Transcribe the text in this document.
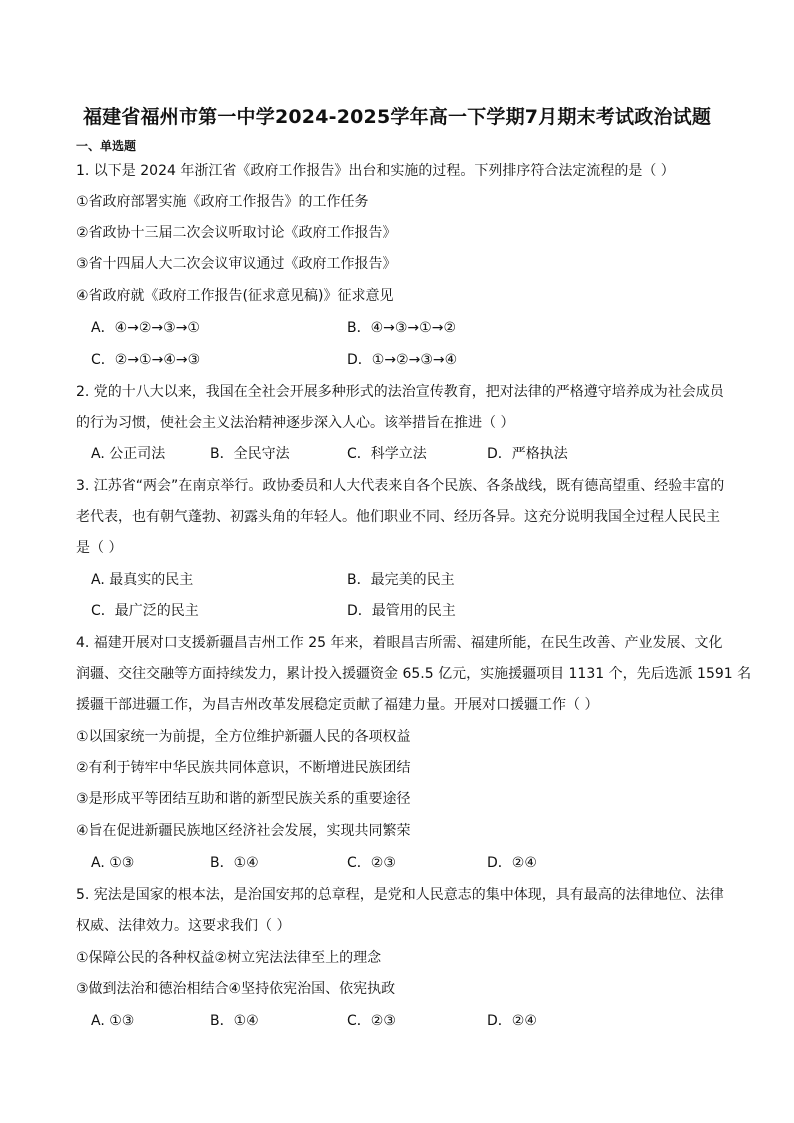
福建省福州市第一中学2024-2025学年高一下学期7月期末考试政治试题
一、单选题
1. 以下是 2024 年浙江省《政府工作报告》出台和实施的过程。下列排序符合法定流程的是（ ）
①省政府部署实施《政府工作报告》的工作任务
②省政协十三届二次会议听取讨论《政府工作报告》
③省十四届人大二次会议审议通过《政府工作报告》
④省政府就《政府工作报告(征求意见稿)》征求意见
A．④→②→③→①	B．④→③→①→②
C．②→①→④→③	D．①→②→③→④
2. 党的十八大以来，我国在全社会开展多种形式的法治宣传教育，把对法律的严格遵守培养成为社会成员
的行为习惯，使社会主义法治精神逐步深入人心。该举措旨在推进（ ）
A. 公正司法	B．全民守法	C．科学立法	D．严格执法
3. 江苏省“两会”在南京举行。政协委员和人大代表来自各个民族、各条战线，既有德高望重、经验丰富的
老代表，也有朝气蓬勃、初露头角的年轻人。他们职业不同、经历各异。这充分说明我国全过程人民民主
是（ ）
A. 最真实的民主	B．最完美的民主
C．最广泛的民主	D．最管用的民主
4. 福建开展对口支援新疆昌吉州工作 25 年来，着眼昌吉所需、福建所能，在民生改善、产业发展、文化
润疆、交往交融等方面持续发力，累计投入援疆资金 65.5 亿元，实施援疆项目 1131 个，先后选派 1591 名
援疆干部进疆工作，为昌吉州改革发展稳定贡献了福建力量。开展对口援疆工作（ ）
①以国家统一为前提，全方位维护新疆人民的各项权益
②有利于铸牢中华民族共同体意识，不断增进民族团结
③是形成平等团结互助和谐的新型民族关系的重要途径
④旨在促进新疆民族地区经济社会发展，实现共同繁荣
A. ①③	B．①④	C．②③	D．②④
5. 宪法是国家的根本法，是治国安邦的总章程，是党和人民意志的集中体现，具有最高的法律地位、法律
权威、法律效力。这要求我们（ ）
①保障公民的各种权益②树立宪法法律至上的理念
③做到法治和德治相结合④坚持依宪治国、依宪执政
A. ①③	B．①④	C．②③	D．②④
